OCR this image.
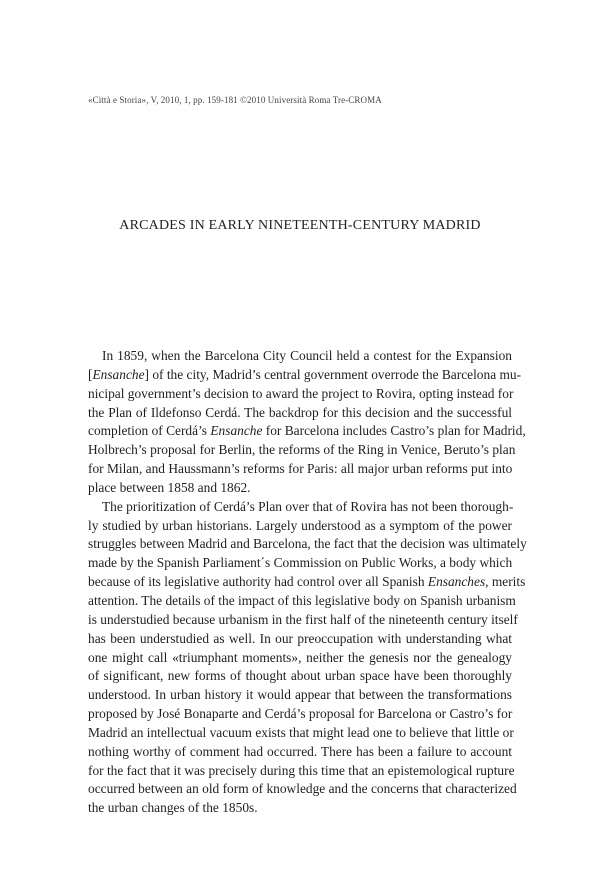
«Città e Storia», V, 2010, 1, pp. 159-181 ©2010 Università Roma Tre-CROMA
ARCADES IN EARLY NINETEENTH-CENTURY MADRID
In 1859, when the Barcelona City Council held a contest for the Expansion
[Ensanche] of the city, Madrid’s central government overrode the Barcelona mu-
nicipal government’s decision to award the project to Rovira, opting instead for
the Plan of Ildefonso Cerdá. The backdrop for this decision and the successful
completion of Cerdá’s Ensanche for Barcelona includes Castro’s plan for Madrid,
Holbrech’s proposal for Berlin, the reforms of the Ring in Venice, Beruto’s plan
for Milan, and Haussmann’s reforms for Paris: all major urban reforms put into
place between 1858 and 1862.
The prioritization of Cerdá’s Plan over that of Rovira has not been thorough-
ly studied by urban historians. Largely understood as a symptom of the power
struggles between Madrid and Barcelona, the fact that the decision was ultimately
made by the Spanish Parliament´s Commission on Public Works, a body which
because of its legislative authority had control over all Spanish Ensanches, merits
attention. The details of the impact of this legislative body on Spanish urbanism
is understudied because urbanism in the first half of the nineteenth century itself
has been understudied as well. In our preoccupation with understanding what
one might call «triumphant moments», neither the genesis nor the genealogy
of significant, new forms of thought about urban space have been thoroughly
understood. In urban history it would appear that between the transformations
proposed by José Bonaparte and Cerdá’s proposal for Barcelona or Castro’s for
Madrid an intellectual vacuum exists that might lead one to believe that little or
nothing worthy of comment had occurred. There has been a failure to account
for the fact that it was precisely during this time that an epistemological rupture
occurred between an old form of knowledge and the concerns that characterized
the urban changes of the 1850s.
